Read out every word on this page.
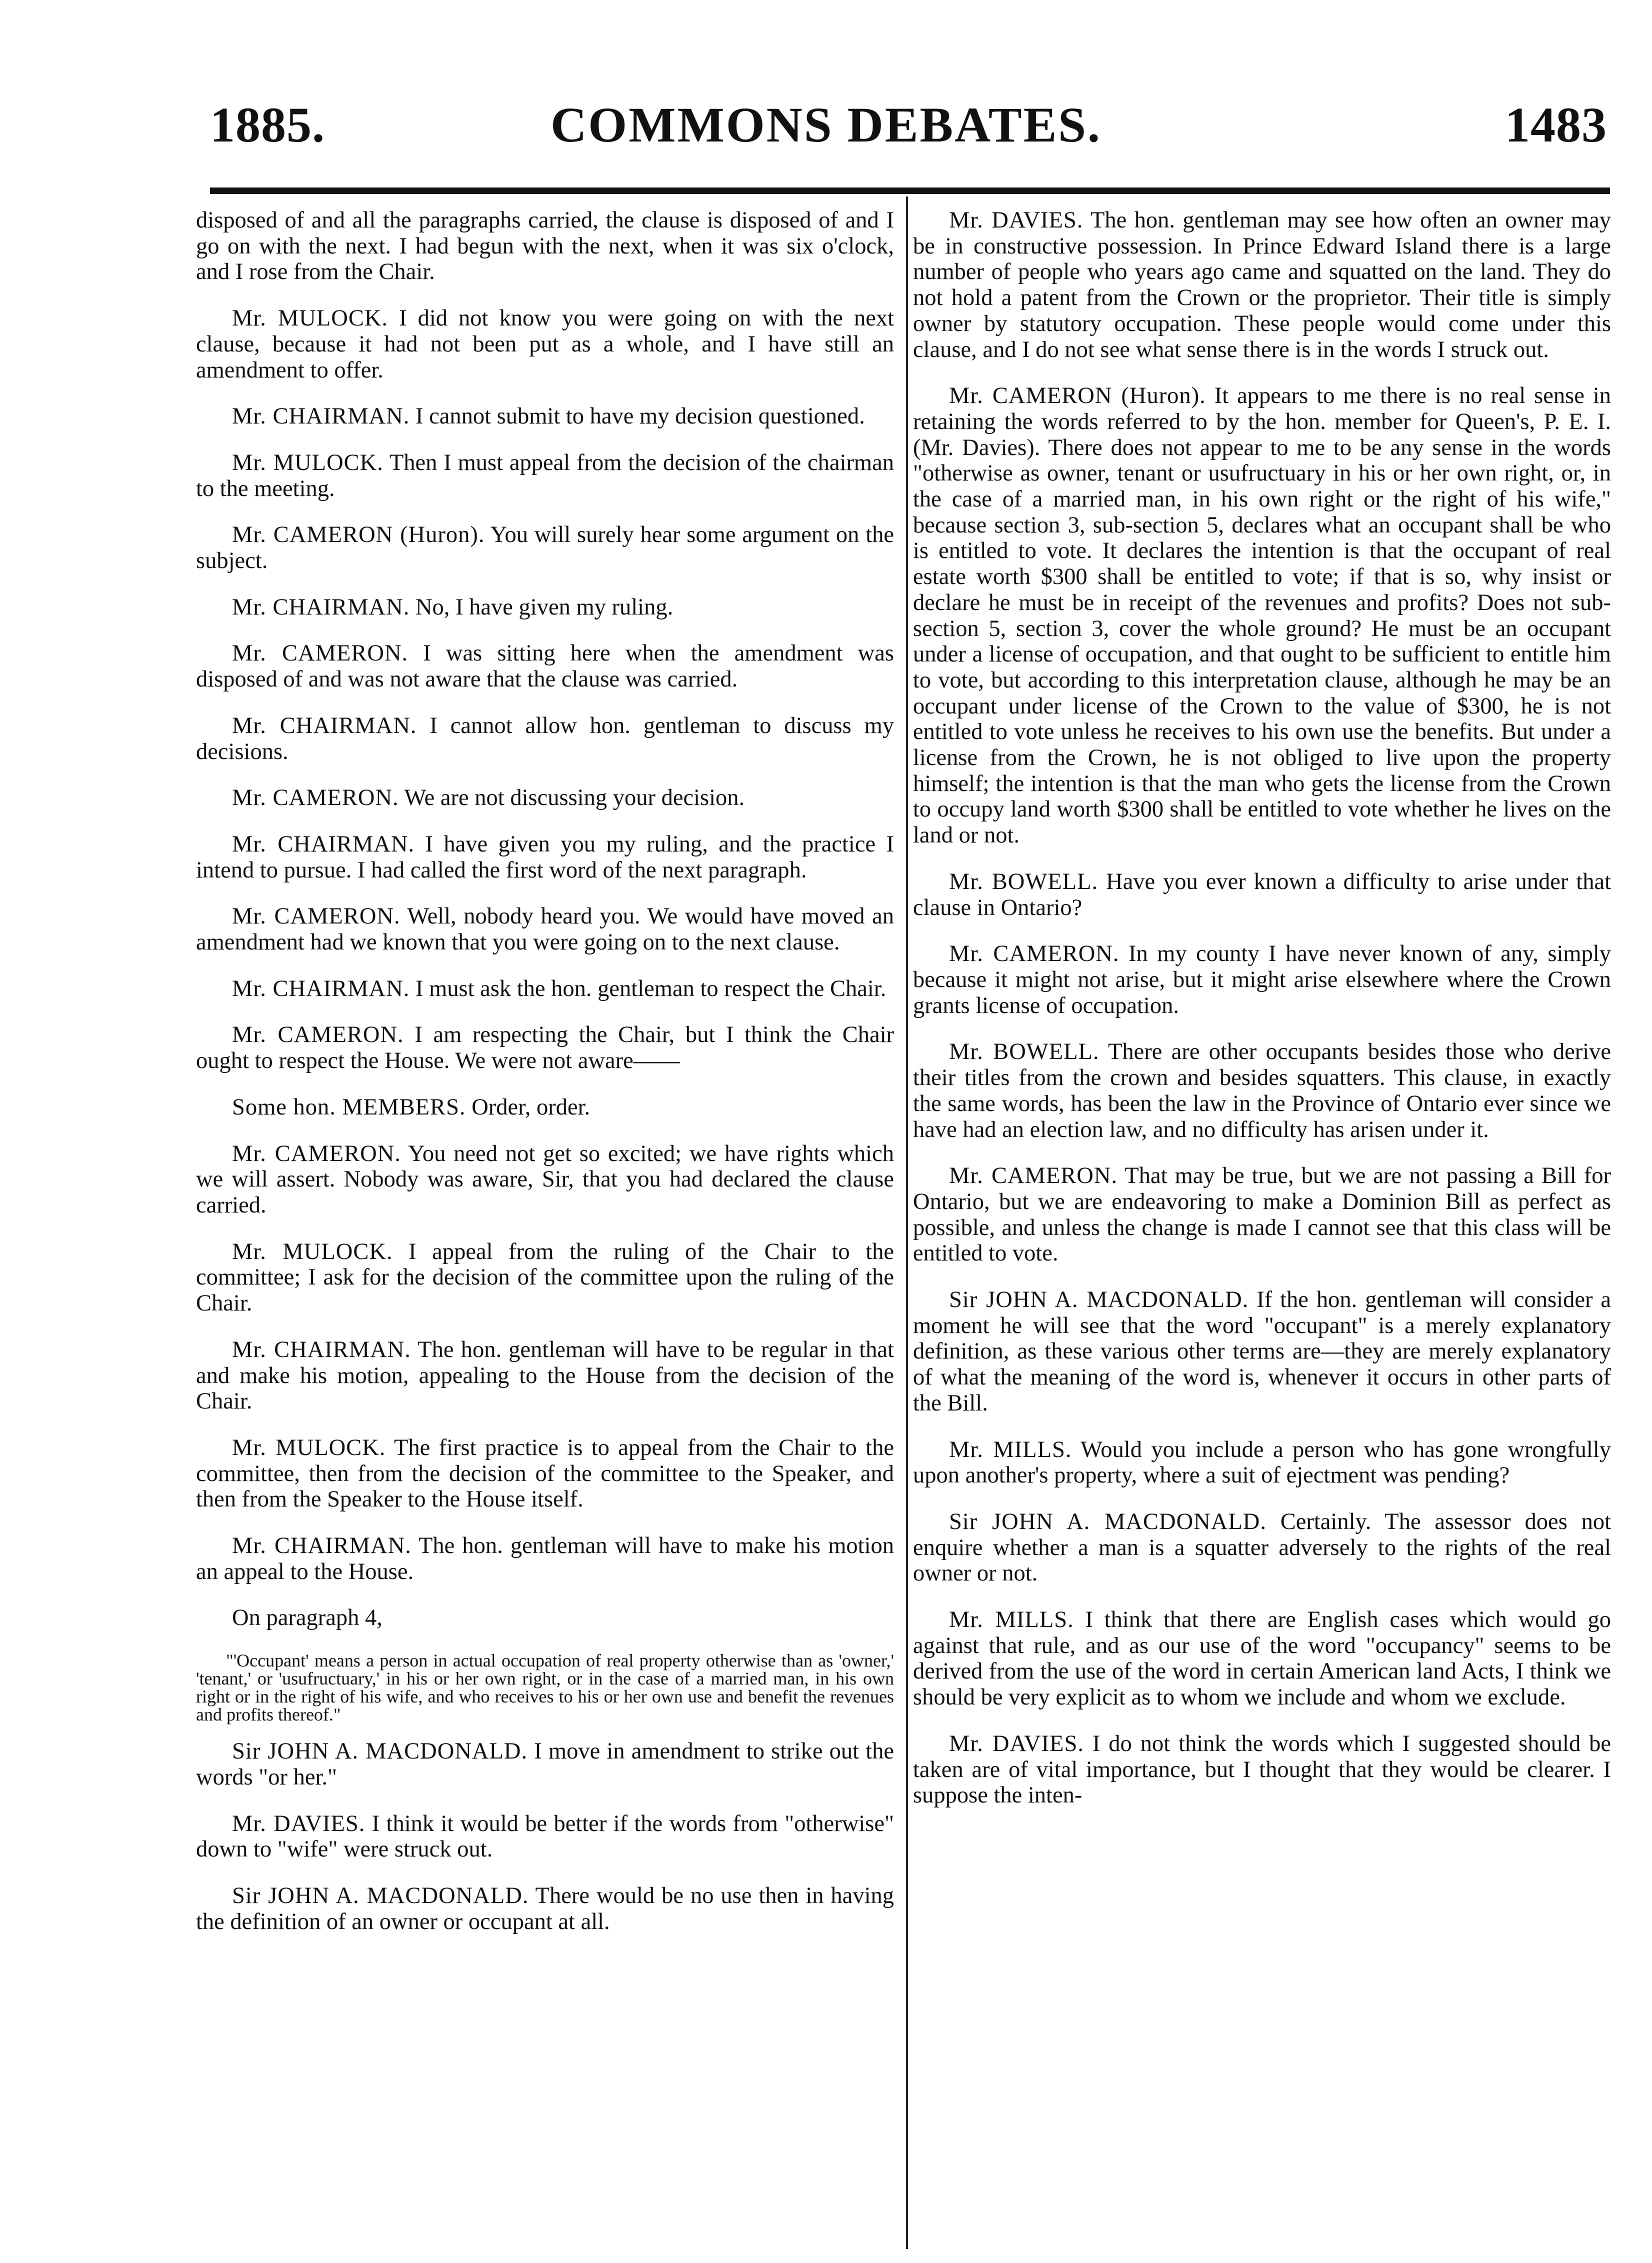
1885.	COMMONS DEBATES.	1483

disposed of and all the paragraphs carried, the clause is disposed of and I go on with the next. I had begun with the next, when it was six o'clock, and I rose from the Chair.

Mr. MULOCK. I did not know you were going on with the next clause, because it had not been put as a whole, and I have still an amendment to offer.

Mr. CHAIRMAN. I cannot submit to have my decision questioned.

Mr. MULOCK. Then I must appeal from the decision of the chairman to the meeting.

Mr. CAMERON (Huron). You will surely hear some argument on the subject.

Mr. CHAIRMAN. No, I have given my ruling.

Mr. CAMERON. I was sitting here when the amendment was disposed of and was not aware that the clause was carried.

Mr. CHAIRMAN. I cannot allow hon. gentleman to discuss my decisions.

Mr. CAMERON. We are not discussing your decision.

Mr. CHAIRMAN. I have given you my ruling, and the practice I intend to pursue. I had called the first word of the next paragraph.

Mr. CAMERON. Well, nobody heard you. We would have moved an amendment had we known that you were going on to the next clause.

Mr. CHAIRMAN. I must ask the hon. gentleman to respect the Chair.

Mr. CAMERON. I am respecting the Chair, but I think the Chair ought to respect the House. We were not aware——

Some hon. MEMBERS. Order, order.

Mr. CAMERON. You need not get so excited; we have rights which we will assert. Nobody was aware, Sir, that you had declared the clause carried.

Mr. MULOCK. I appeal from the ruling of the Chair to the committee; I ask for the decision of the committee upon the ruling of the Chair.

Mr. CHAIRMAN. The hon. gentleman will have to be regular in that and make his motion, appealing to the House from the decision of the Chair.

Mr. MULOCK. The first practice is to appeal from the Chair to the committee, then from the decision of the committee to the Speaker, and then from the Speaker to the House itself.

Mr. CHAIRMAN. The hon. gentleman will have to make his motion an appeal to the House.

On paragraph 4,

"'Occupant' means a person in actual occupation of real property otherwise than as 'owner,' 'tenant,' or 'usufructuary,' in his or her own right, or in the case of a married man, in his own right or in the right of his wife, and who receives to his or her own use and benefit the revenues and profits thereof."

Sir JOHN A. MACDONALD. I move in amendment to strike out the words "or her."

Mr. DAVIES. I think it would be better if the words from "otherwise" down to "wife" were struck out.

Sir JOHN A. MACDONALD. There would be no use then in having the definition of an owner or occupant at all.

Mr. DAVIES. The hon. gentleman may see how often an owner may be in constructive possession. In Prince Edward Island there is a large number of people who years ago came and squatted on the land. They do not hold a patent from the Crown or the proprietor. Their title is simply owner by statutory occupation. These people would come under this clause, and I do not see what sense there is in the words I struck out.

Mr. CAMERON (Huron). It appears to me there is no real sense in retaining the words referred to by the hon. member for Queen's, P. E. I. (Mr. Davies). There does not appear to me to be any sense in the words "otherwise as owner, tenant or usufructuary in his or her own right, or, in the case of a married man, in his own right or the right of his wife," because section 3, sub-section 5, declares what an occupant shall be who is entitled to vote. It declares the intention is that the occupant of real estate worth $300 shall be entitled to vote; if that is so, why insist or declare he must be in receipt of the revenues and profits? Does not sub-section 5, section 3, cover the whole ground? He must be an occupant under a license of occupation, and that ought to be sufficient to entitle him to vote, but according to this interpretation clause, although he may be an occupant under license of the Crown to the value of $300, he is not entitled to vote unless he receives to his own use the benefits. But under a license from the Crown, he is not obliged to live upon the property himself; the intention is that the man who gets the license from the Crown to occupy land worth $300 shall be entitled to vote whether he lives on the land or not.

Mr. BOWELL. Have you ever known a difficulty to arise under that clause in Ontario?

Mr. CAMERON. In my county I have never known of any, simply because it might not arise, but it might arise elsewhere where the Crown grants license of occupation.

Mr. BOWELL. There are other occupants besides those who derive their titles from the crown and besides squatters. This clause, in exactly the same words, has been the law in the Province of Ontario ever since we have had an election law, and no difficulty has arisen under it.

Mr. CAMERON. That may be true, but we are not passing a Bill for Ontario, but we are endeavoring to make a Dominion Bill as perfect as possible, and unless the change is made I cannot see that this class will be entitled to vote.

Sir JOHN A. MACDONALD. If the hon. gentleman will consider a moment he will see that the word "occupant" is a merely explanatory definition, as these various other terms are—they are merely explanatory of what the meaning of the word is, whenever it occurs in other parts of the Bill.

Mr. MILLS. Would you include a person who has gone wrongfully upon another's property, where a suit of ejectment was pending?

Sir JOHN A. MACDONALD. Certainly. The assessor does not enquire whether a man is a squatter adversely to the rights of the real owner or not.

Mr. MILLS. I think that there are English cases which would go against that rule, and as our use of the word "occupancy" seems to be derived from the use of the word in certain American land Acts, I think we should be very explicit as to whom we include and whom we exclude.

Mr. DAVIES. I do not think the words which I suggested should be taken are of vital importance, but I thought that they would be clearer. I suppose the inten-
